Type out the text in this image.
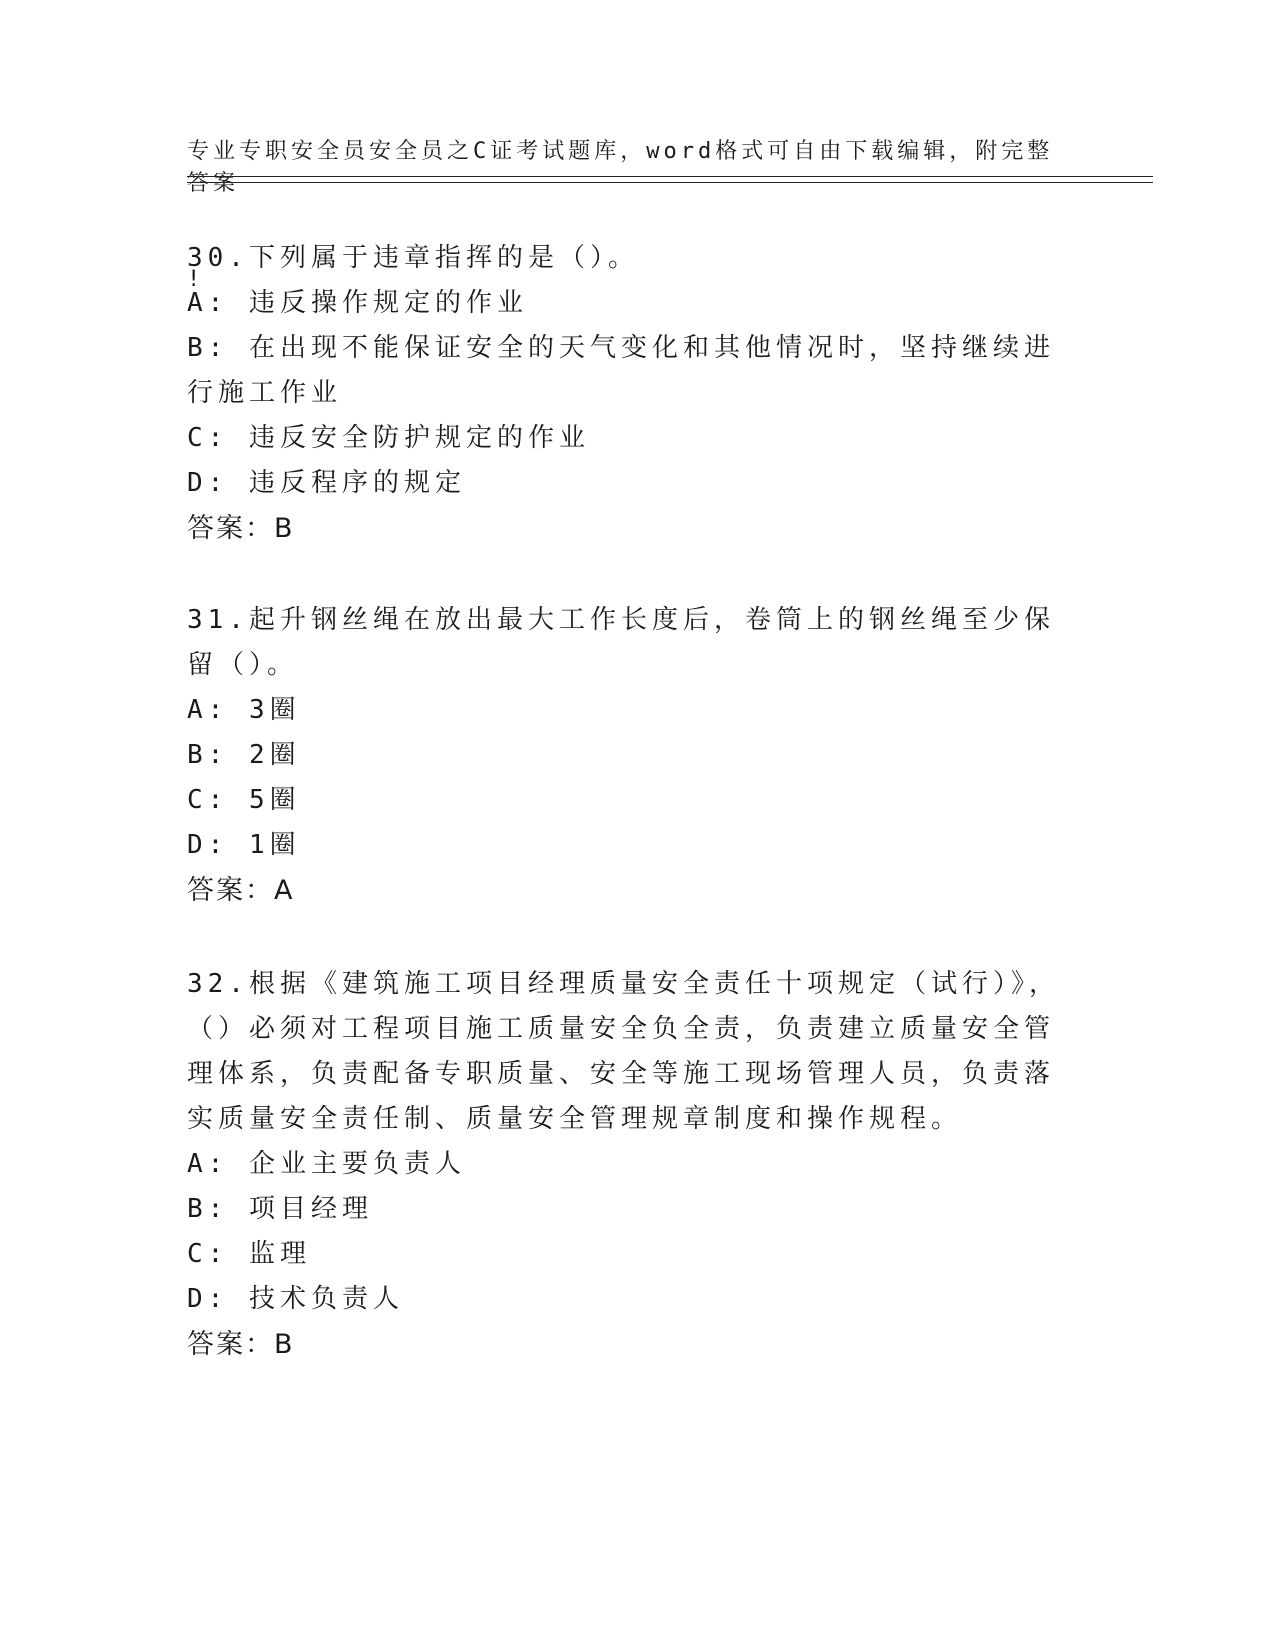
专业专职安全员安全员之C证考试题库，word格式可自由下载编辑，附完整答案

!

30.下列属于违章指挥的是（）。

A: 违反操作规定的作业

B: 在出现不能保证安全的天气变化和其他情况时，坚持继续进行施工作业

C: 违反安全防护规定的作业

D: 违反程序的规定

答案：B

31.起升钢丝绳在放出最大工作长度后，卷筒上的钢丝绳至少保留（）。

A: 3圈

B: 2圈

C: 5圈

D: 1圈

答案：A

32.根据《建筑施工项目经理质量安全责任十项规定（试行）》，（）必须对工程项目施工质量安全负全责，负责建立质量安全管理体系，负责配备专职质量、安全等施工现场管理人员，负责落实质量安全责任制、质量安全管理规章制度和操作规程。

A: 企业主要负责人

B: 项目经理

C: 监理

D: 技术负责人

答案：B
